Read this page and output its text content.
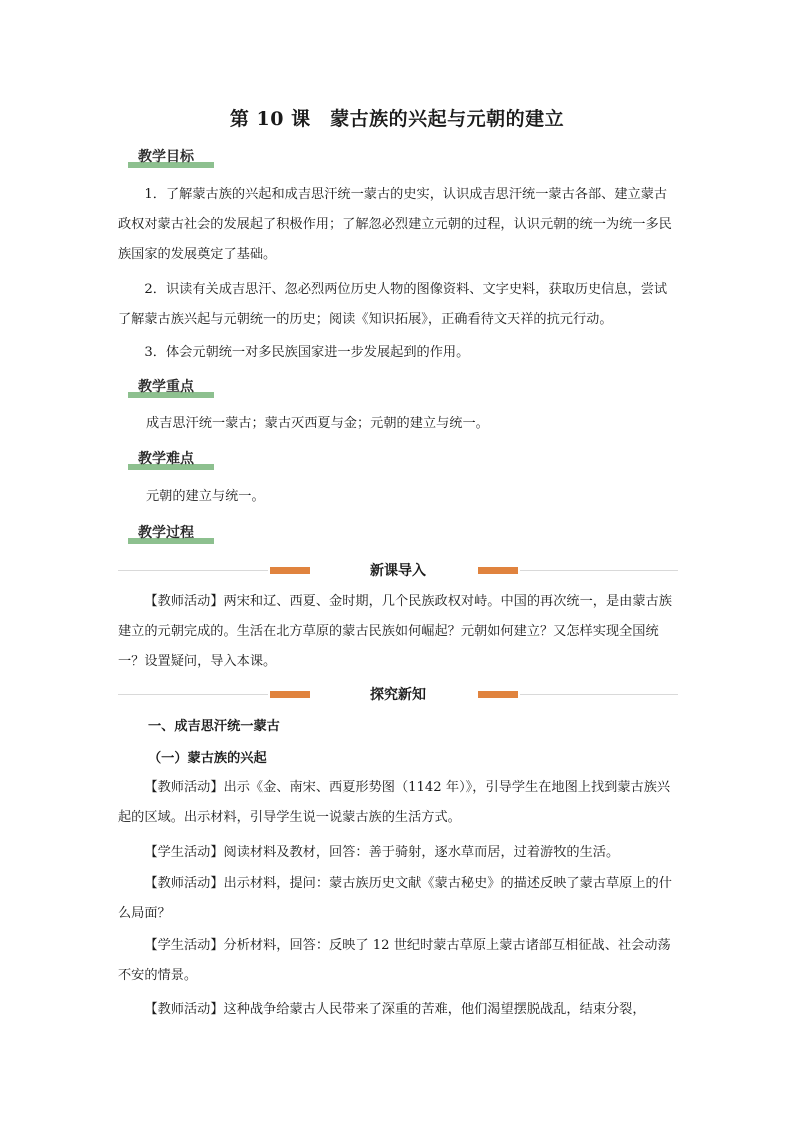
第 10 课　蒙古族的兴起与元朝的建立
教学目标

1．了解蒙古族的兴起和成吉思汗统一蒙古的史实，认识成吉思汗统一蒙古各部、建立蒙古政权对蒙古社会的发展起了积极作用；了解忽必烈建立元朝的过程，认识元朝的统一为统一多民族国家的发展奠定了基础。

2．识读有关成吉思汗、忽必烈两位历史人物的图像资料、文字史料，获取历史信息，尝试了解蒙古族兴起与元朝统一的历史；阅读《知识拓展》，正确看待文天祥的抗元行动。

3．体会元朝统一对多民族国家进一步发展起到的作用。

教学重点
成吉思汗统一蒙古；蒙古灭西夏与金；元朝的建立与统一。
教学难点
元朝的建立与统一。
教学过程
新课导入

【教师活动】两宋和辽、西夏、金时期，几个民族政权对峙。中国的再次统一，是由蒙古族建立的元朝完成的。生活在北方草原的蒙古民族如何崛起？元朝如何建立？又怎样实现全国统一？设置疑问，导入本课。

探究新知
一、成吉思汗统一蒙古
（一）蒙古族的兴起

【教师活动】出示《金、南宋、西夏形势图（1142 年）》，引导学生在地图上找到蒙古族兴起的区域。出示材料，引导学生说一说蒙古族的生活方式。

【学生活动】阅读材料及教材，回答：善于骑射，逐水草而居，过着游牧的生活。

【教师活动】出示材料，提问：蒙古族历史文献《蒙古秘史》的描述反映了蒙古草原上的什么局面？

【学生活动】分析材料，回答：反映了 12 世纪时蒙古草原上蒙古诸部互相征战、社会动荡不安的情景。

【教师活动】这种战争给蒙古人民带来了深重的苦难，他们渴望摆脱战乱，结束分裂，
